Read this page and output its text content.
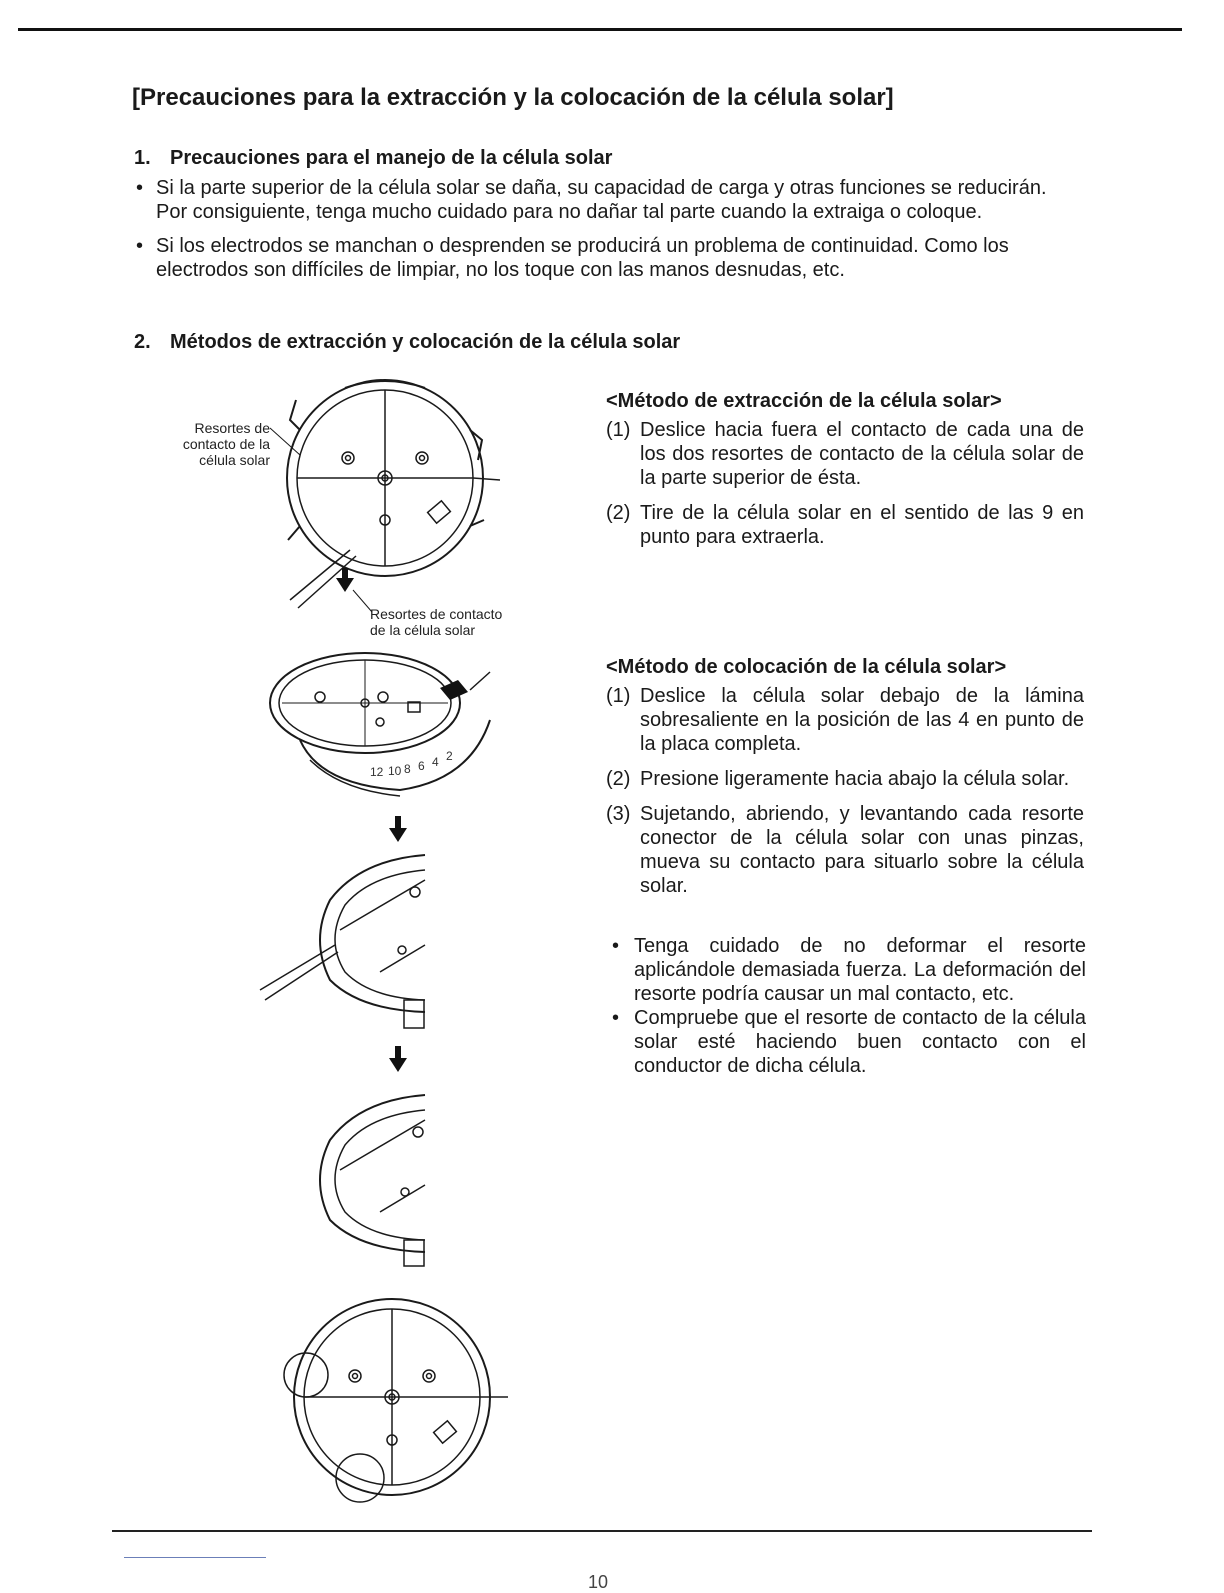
[Precauciones para la extracción y la colocación de la célula solar]
1. Precauciones para el manejo de la célula solar

• Si la parte superior de la célula solar se daña, su capacidad de carga y otras funciones se reducirán.

Por consiguiente, tenga mucho cuidado para no dañar tal parte cuando la extraiga o coloque.

• Si los electrodos se manchan o desprenden se producirá un problema de continuidad. Como los electrodos son diffíciles de limpiar, no los toque con las manos desnudas, etc.

2. Métodos de extracción y colocación de la célula solar
<Método de extracción de la célula solar>
(1) Deslice hacia fuera el contacto de cada una de los dos resortes de contacto de la célula solar de la parte superior de ésta.
(2) Tire de la célula solar en el sentido de las 9 en punto para extraerla.
<Método de colocación de la célula solar>
(1) Deslice la célula solar debajo de la lámina sobresaliente en la posición de las 4 en punto de la placa completa.
(2) Presione ligeramente hacia abajo la célula solar.
(3) Sujetando, abriendo, y levantando cada resorte conector de la célula solar con unas pinzas, mueva su contacto para situarlo sobre la célula solar.
• Tenga cuidado de no deformar el resorte aplicándole demasiada fuerza. La deformación del resorte podría causar un mal contacto, etc.
• Compruebe que el resorte de contacto de la célula solar esté haciendo buen contacto con el conductor de dicha célula.
Resortes de
contacto de la
célula solar
Resortes de contacto
de la célula solar
2
4
6
8
10
12
10
